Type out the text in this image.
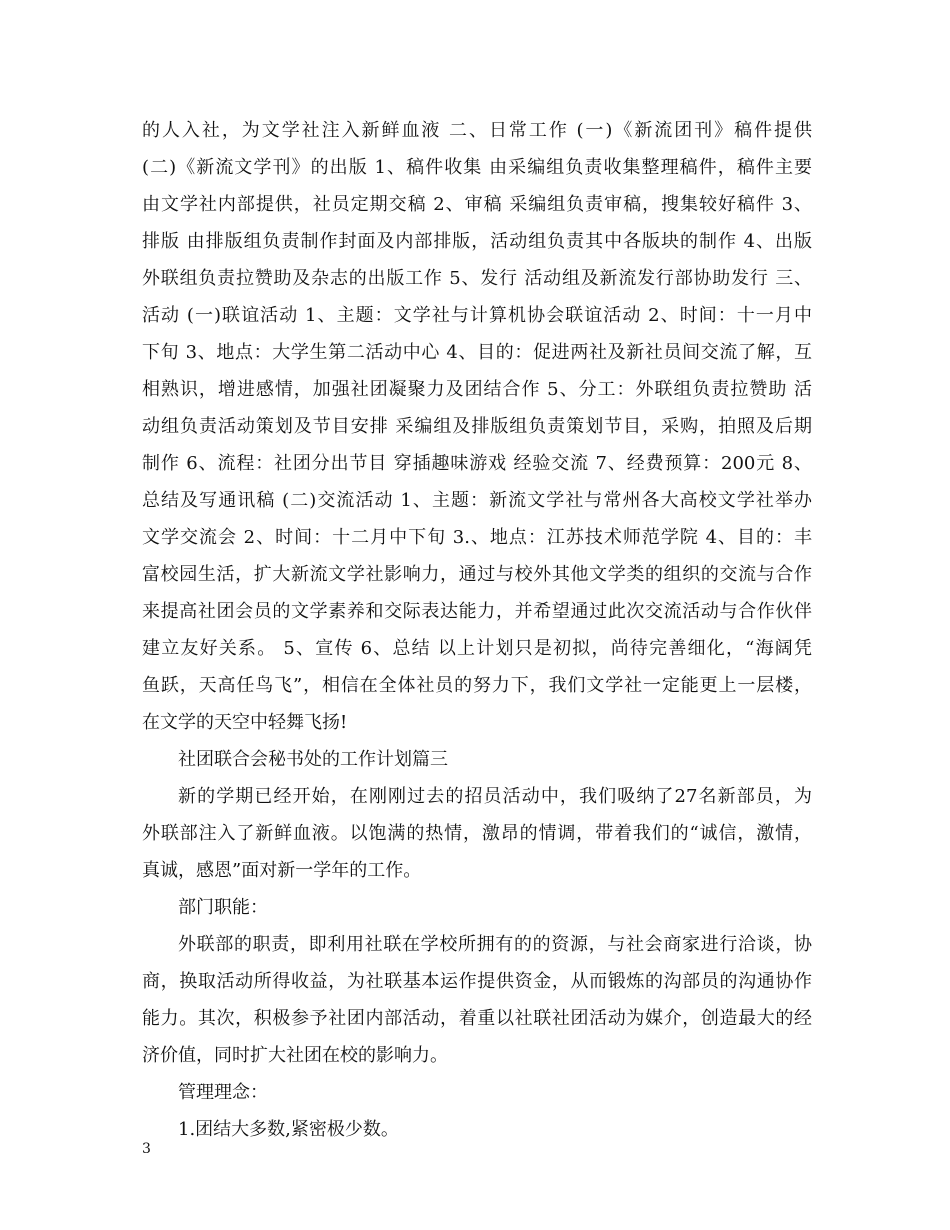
的人入社，为文学社注入新鲜血液 二、日常工作 (一)《新流团刊》稿件提供
(二)《新流文学刊》的出版 1、稿件收集 由采编组负责收集整理稿件，稿件主要
由文学社内部提供，社员定期交稿 2、审稿 采编组负责审稿，搜集较好稿件 3、
排版 由排版组负责制作封面及内部排版，活动组负责其中各版块的制作 4、出版
外联组负责拉赞助及杂志的出版工作 5、发行 活动组及新流发行部协助发行 三、
活动 (一)联谊活动 1、主题：文学社与计算机协会联谊活动 2、时间：十一月中
下旬 3、地点：大学生第二活动中心 4、目的：促进两社及新社员间交流了解，互
相熟识，增进感情，加强社团凝聚力及团结合作 5、分工：外联组负责拉赞助 活
动组负责活动策划及节目安排 采编组及排版组负责策划节目，采购，拍照及后期
制作 6、流程：社团分出节目 穿插趣味游戏 经验交流 7、经费预算：200元 8、
总结及写通讯稿 (二)交流活动 1、主题：新流文学社与常州各大高校文学社举办
文学交流会 2、时间：十二月中下旬 3.、地点：江苏技术师范学院 4、目的：丰
富校园生活，扩大新流文学社影响力，通过与校外其他文学类的组织的交流与合作
来提高社团会员的文学素养和交际表达能力，并希望通过此次交流活动与合作伙伴
建立友好关系。 5、宣传 6、总结 以上计划只是初拟，尚待完善细化，“海阔凭
鱼跃，天高任鸟飞”，相信在全体社员的努力下，我们文学社一定能更上一层楼，
在文学的天空中轻舞飞扬!
社团联合会秘书处的工作计划篇三
新的学期已经开始，在刚刚过去的招员活动中，我们吸纳了27名新部员，为
外联部注入了新鲜血液。以饱满的热情，激昂的情调，带着我们的“诚信，激情，
真诚，感恩”面对新一学年的工作。
部门职能：
外联部的职责，即利用社联在学校所拥有的的资源，与社会商家进行洽谈，协
商，换取活动所得收益，为社联基本运作提供资金，从而锻炼的沟部员的沟通协作
能力。其次，积极参予社团内部活动，着重以社联社团活动为媒介，创造最大的经
济价值，同时扩大社团在校的影响力。
管理理念：
1.团结大多数,紧密极少数。
3
